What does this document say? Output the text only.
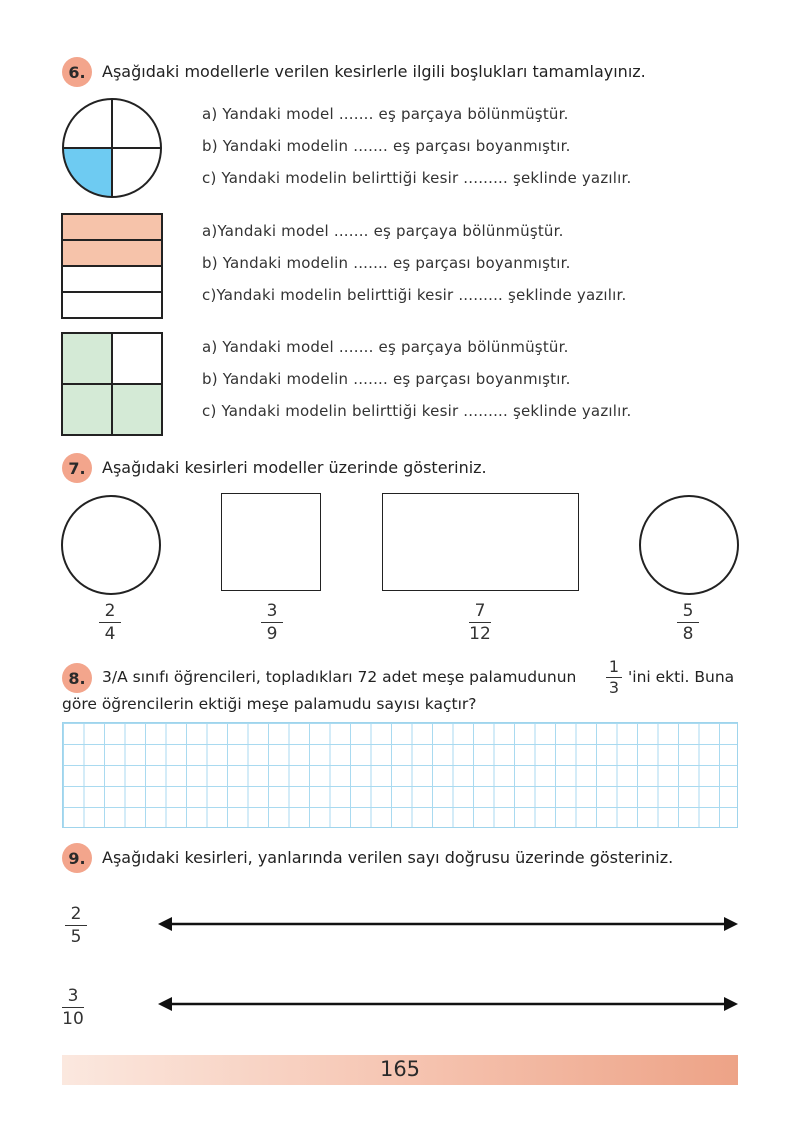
6. Aşağıdaki modellerle verilen kesirlerle ilgili boşlukları tamamlayınız.
a) Yandaki model ....... eş parçaya bölünmüştür.
b) Yandaki modelin ....... eş parçası boyanmıştır.
c) Yandaki modelin belirttiği kesir ......... şeklinde yazılır.
a)Yandaki model ....... eş parçaya bölünmüştür.
b) Yandaki modelin ....... eş parçası boyanmıştır.
c)Yandaki modelin belirttiği kesir ......... şeklinde yazılır.
a) Yandaki model ....... eş parçaya bölünmüştür.
b) Yandaki modelin ....... eş parçası boyanmıştır.
c) Yandaki modelin belirttiği kesir ......... şeklinde yazılır.
7. Aşağıdaki kesirleri modeller üzerinde gösteriniz.
2
4
3
9
7
12
5
8
8. 3/A sınıfı öğrencileri, topladıkları 72 adet meşe palamudunun
1
3
'ini ekti. Buna
göre öğrencilerin ektiği meşe palamudu sayısı kaçtır?
9. Aşağıdaki kesirleri, yanlarında verilen sayı doğrusu üzerinde gösteriniz.
2
5
3
10
165
